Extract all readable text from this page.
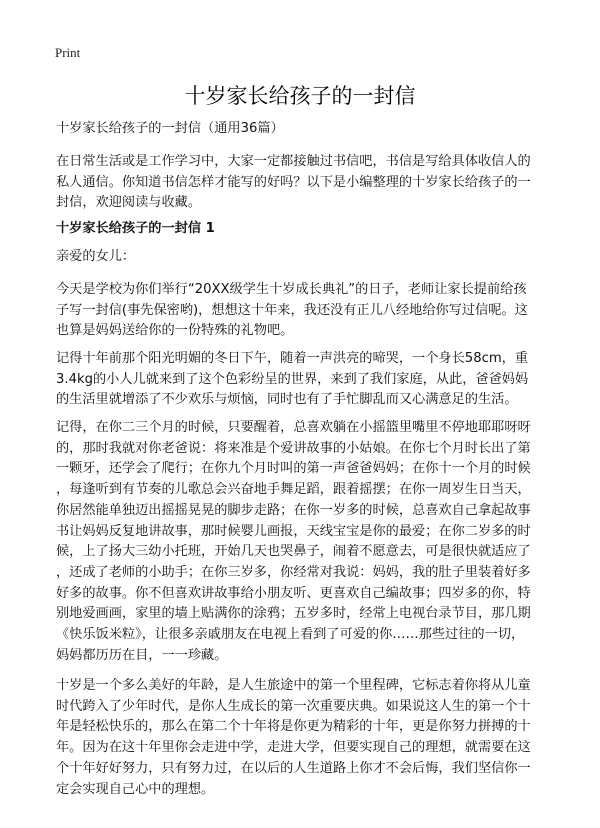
Print
十岁家长给孩子的一封信
十岁家长给孩子的一封信（通用36篇）
在日常生活或是工作学习中，大家一定都接触过书信吧，书信是写给具体收信人的
私人通信。你知道书信怎样才能写的好吗？以下是小编整理的十岁家长给孩子的一
封信，欢迎阅读与收藏。
十岁家长给孩子的一封信 1
亲爱的女儿：
今天是学校为你们举行“20XX级学生十岁成长典礼”的日子，老师让家长提前给孩
子写一封信(事先保密哟)，想想这十年来，我还没有正儿八经地给你写过信呢。这
也算是妈妈送给你的一份特殊的礼物吧。
记得十年前那个阳光明媚的冬日下午，随着一声洪亮的啼哭，一个身长58cm，重
3.4kg的小人儿就来到了这个色彩纷呈的世界，来到了我们家庭，从此，爸爸妈妈
的生活里就增添了不少欢乐与烦恼，同时也有了手忙脚乱而又心满意足的生活。
记得，在你二三个月的时候，只要醒着，总喜欢躺在小摇篮里嘴里不停地耶耶呀呀
的，那时我就对你老爸说：将来准是个爱讲故事的小姑娘。在你七个月时长出了第
一颗牙，还学会了爬行；在你九个月时叫的第一声爸爸妈妈；在你十一个月的时候
，每逢听到有节奏的儿歌总会兴奋地手舞足蹈，跟着摇摆；在你一周岁生日当天，
你居然能单独迈出摇摇晃晃的脚步走路；在你一岁多的时候，总喜欢自己拿起故事
书让妈妈反复地讲故事，那时候婴儿画报，天线宝宝是你的最爱；在你二岁多的时
候，上了扬大三幼小托班，开始几天也哭鼻子，闹着不愿意去，可是很快就适应了
，还成了老师的小助手；在你三岁多，你经常对我说：妈妈，我的肚子里装着好多
好多的故事。你不但喜欢讲故事给小朋友听、更喜欢自己编故事；四岁多的你，特
别地爱画画，家里的墙上贴满你的涂鸦；五岁多时，经常上电视台录节目，那几期
《快乐饭米粒》，让很多亲戚朋友在电视上看到了可爱的你……那些过往的一切，
妈妈都历历在目，一一珍藏。
十岁是一个多么美好的年龄，是人生旅途中的第一个里程碑，它标志着你将从儿童
时代跨入了少年时代，是你人生成长的第一次重要庆典。如果说这人生的第一个十
年是轻松快乐的，那么在第二个十年将是你更为精彩的十年，更是你努力拼搏的十
年。因为在这十年里你会走进中学，走进大学，但要实现自己的理想，就需要在这
个十年好好努力，只有努力过，在以后的人生道路上你才不会后悔，我们坚信你一
定会实现自己心中的理想。
